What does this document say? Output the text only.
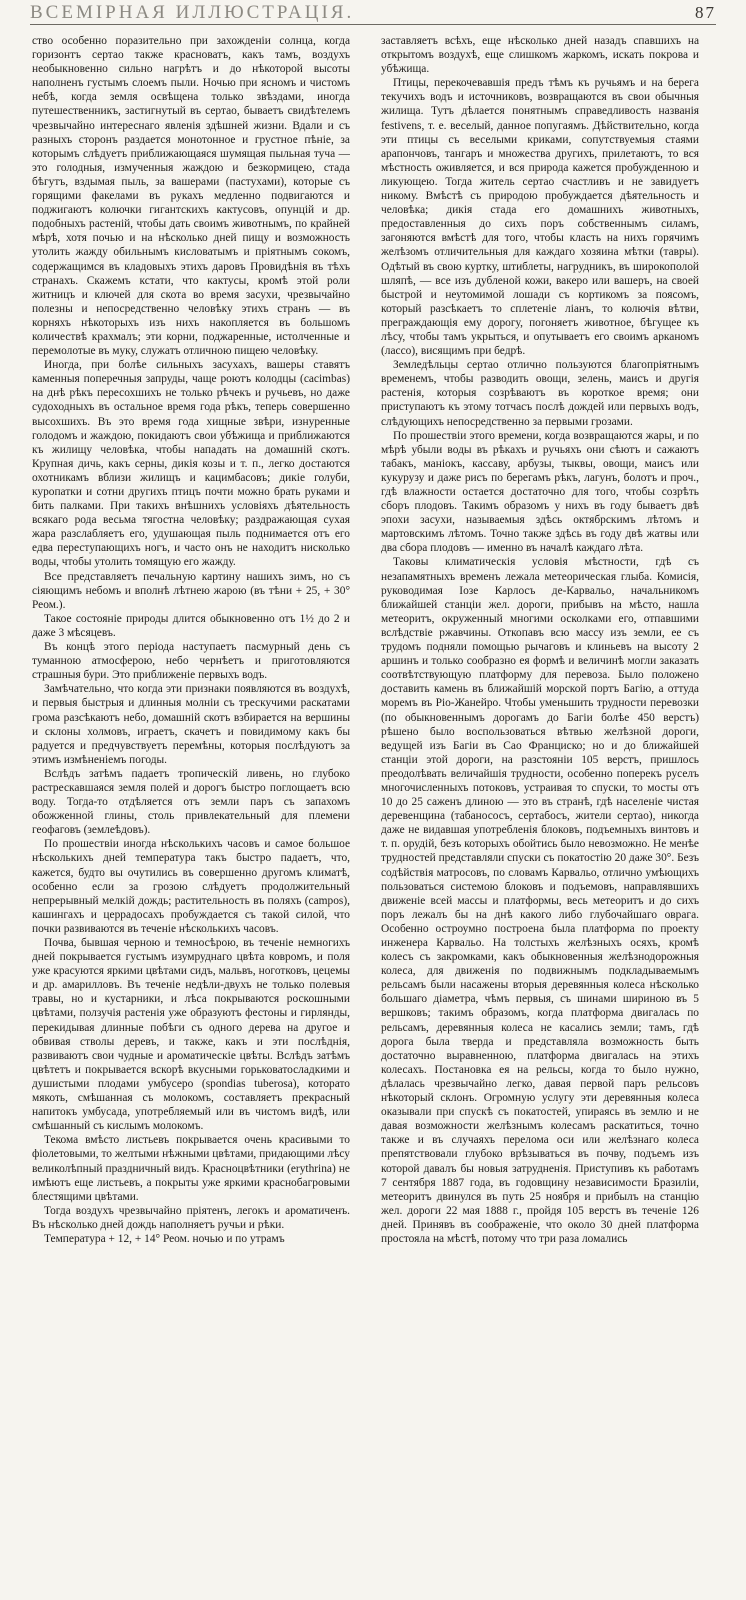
ВСЕМІРНАЯ ИЛЛЮСТРАЦІЯ.	87

ство особенно поразительно при захожденіи солнца, когда горизонтъ сертао также красноватъ, какъ тамъ, воздухъ необыкновенно сильно нагрѣтъ и до нѣкоторой высоты наполненъ густымъ слоемъ пыли. Ночью при ясномъ и чистомъ небѣ, когда земля освѣщена только звѣздами, иногда путешественникъ, застигнутый въ сертао, бываетъ свидѣтелемъ чрезвычайно интереснаго явленія здѣшней жизни. Вдали и съ разныхъ сторонъ раздается монотонное и грустное пѣніе, за которымъ слѣдуетъ приближающаяся шумящая пыльная туча — это голодныя, измученныя жаждою и безкормицею, стада бѣгутъ, вздымая пыль, за вашерами (пастухами), которые съ горящими факелами въ рукахъ медленно подвигаются и поджигаютъ колючки гигантскихъ кактусовъ, опунцій и др. подобныхъ растеній, чтобы дать своимъ животнымъ, по крайней мѣрѣ, хотя почью и на нѣсколько дней пищу и возможность утолить жажду обильнымъ кисловатымъ и пріятнымъ сокомъ, содержащимся въ кладовыхъ этихъ даровъ Провидѣнія въ тѣхъ странахъ. Скажемъ кстати, что кактусы, кромѣ этой роли житницъ и ключей для скота во время засухи, чрезвычайно полезны и непосредственно человѣку этихъ странъ — въ корняхъ нѣкоторыхъ изъ нихъ накопляется въ большомъ количествѣ крахмалъ; эти корни, поджаренные, истолченные и перемолотые въ муку, служатъ отличною пищею человѣку.

Иногда, при болѣе сильныхъ засухахъ, вашеры ставятъ каменныя поперечныя запруды, чаще роютъ колодцы (cacimbas) на днѣ рѣкъ пересохшихъ не только рѣчекъ и ручьевъ, но даже судоходныхъ въ остальное время года рѣкъ, теперь совершенно высохшихъ. Въ это время года хищные звѣри, изнуренные голодомъ и жаждою, покидаютъ свои убѣжища и приближаются къ жилищу человѣка, чтобы нападать на домашній скотъ. Крупная дичь, какъ серны, дикія козы и т. п., легко достаются охотникамъ вблизи жилищъ и кацимбасовъ; дикіе голуби, куропатки и сотни другихъ птицъ почти можно брать руками и бить палками. При такихъ внѣшнихъ условіяхъ дѣятельность всякаго рода весьма тягостна человѣку; раздражающая сухая жара разслабляетъ его, удушающая пыль поднимается отъ его едва переступающихъ ногъ, и часто онъ не находитъ нисколько воды, чтобы утолить томящую его жажду.

Все представляетъ печальную картину нашихъ зимъ, но съ сіяющимъ небомъ и вполнѣ лѣтнею жарою (въ тѣни + 25, + 30° Реом.).

Такое состояніе природы длится обыкновенно отъ 1½ до 2 и даже 3 мѣсяцевъ.

Въ концѣ этого періода наступаетъ пасмурный день съ туманною атмосферою, небо чернѣетъ и приготовляются страшныя бури. Это приближеніе первыхъ водъ.

Замѣчательно, что когда эти признаки появляются въ воздухѣ, и первыя быстрыя и длинныя молніи съ трескучими раскатами грома разсѣкаютъ небо, домашній скотъ взбирается на вершины и склоны холмовъ, играетъ, скачетъ и повидимому какъ бы радуется и предчувствуетъ перемѣны, которыя послѣдуютъ за этимъ измѣненіемъ погоды.

Вслѣдъ затѣмъ падаетъ тропическій ливень, но глубоко растрескавшаяся земля полей и дорогъ быстро поглощаетъ всю воду. Тогда-то отдѣляется отъ земли паръ съ запахомъ обожженной глины, столь привлекательный для племени геофаговъ (землеѣдовъ).

По прошествіи иногда нѣсколькихъ часовъ и самое большое нѣсколькихъ дней температура такъ быстро падаетъ, что, кажется, будто вы очутились въ совершенно другомъ климатѣ, особенно если за грозою слѣдуетъ продолжительный непрерывный мелкій дождь; растительность въ поляхъ (campos), кашингахъ и церрадосахъ пробуждается съ такой силой, что почки развиваются въ теченіе нѣсколькихъ часовъ.

Почва, бывшая черною и темносѣрою, въ теченіе немногихъ дней покрывается густымъ изумруднаго цвѣта ковромъ, и поля уже красуются яркими цвѣтами сидъ, мальвъ, ноготковъ, цецемы и др. амарилловъ. Въ теченіе недѣли-двухъ не только полевыя травы, но и кустарники, и лѣса покрываются роскошными цвѣтами, ползучія растенія уже образуютъ фестоны и гирлянды, перекидывая длинные побѣги съ одного дерева на другое и обвивая стволы деревъ, и также, какъ и эти послѣднія, развиваютъ свои чудные и ароматическіе цвѣты. Вслѣдъ затѣмъ цвѣтетъ и покрывается вскорѣ вкусными горьковатосладкими и душистыми плодами умбусеро (spondias tuberosa), которато мякоть, смѣшанная съ молокомъ, составляетъ прекрасный напитокъ умбусада, употребляемый или въ чистомъ видѣ, или смѣшанный съ кислымъ молокомъ.

Текома вмѣсто листьевъ покрывается очень красивыми то фіолетовыми, то желтыми нѣжными цвѣтами, придающими лѣсу великолѣпный праздничный видъ. Красноцвѣтники (erythrina) не имѣютъ еще листьевъ, а покрыты уже яркими краснобагровыми блестящими цвѣтами.

Тогда воздухъ чрезвычайно пріятенъ, легокъ и ароматиченъ. Въ нѣсколько дней дождь наполняетъ ручьи и рѣки.

Температура + 12, + 14° Реом. ночью и по утрамъ

заставляетъ всѣхъ, еще нѣсколько дней назадъ спавшихъ на открытомъ воздухѣ, еще слишкомъ жаркомъ, искать покрова и убѣжища.

Птицы, перекочевавшія предъ тѣмъ къ ручьямъ и на берега текучихъ водъ и источниковъ, возвращаются въ свои обычныя жилища. Тутъ дѣлается понятнымъ справедливость названія festivens, т. е. веселый, данное попугаямъ. Дѣйствительно, когда эти птицы съ веселыми криками, сопутствуемыя стаями арапончовъ, тангаръ и множества другихъ, прилетаютъ, то вся мѣстность оживляется, и вся природа кажется пробужденною и ликующею. Тогда житель сертао счастливъ и не завидуетъ никому. Вмѣстѣ съ природою пробуждается дѣятельность и человѣка; дикія стада его домашнихъ животныхъ, предоставленныя до сихъ поръ собственнымъ силамъ, загоняются вмѣстѣ для того, чтобы класть на нихъ горячимъ желѣзомъ отличительныя для каждаго хозяина мѣтки (тавры). Одѣтый въ свою куртку, штиблеты, нагрудникъ, въ широкополой шляпѣ, — все изъ дубленой кожи, вакеро или вашеръ, на своей быстрой и неутомимой лошади съ кортикомъ за поясомъ, который разсѣкаетъ то сплетеніе ліанъ, то колючія вѣтви, преграждающія ему дорогу, погоняетъ животное, бѣгущее къ лѣсу, чтобы тамъ укрыться, и опутываетъ его своимъ арканомъ (лассо), висящимъ при бедрѣ.

Земледѣльцы сертао отлично пользуются благопріятнымъ временемъ, чтобы разводить овощи, зелень, маисъ и другія растенія, которыя созрѣваютъ въ короткое время; они приступаютъ къ этому тотчасъ послѣ дождей или первыхъ водъ, слѣдующихъ непосредственно за первыми грозами.

По прошествіи этого времени, когда возвращаются жары, и по мѣрѣ убыли воды въ рѣкахъ и ручьяхъ они сѣютъ и сажаютъ табакъ, маніокъ, кассаву, арбузы, тыквы, овощи, маисъ или кукурузу и даже рисъ по берегамъ рѣкъ, лагунъ, болотъ и проч., гдѣ влажности остается достаточно для того, чтобы созрѣть сборъ плодовъ. Такимъ образомъ у нихъ въ году бываетъ двѣ эпохи засухи, называемыя здѣсь октябрскимъ лѣтомъ и мартовскимъ лѣтомъ. Точно также здѣсь въ году двѣ жатвы или два сбора плодовъ — именно въ началѣ каждаго лѣта.

Таковы климатическія условія мѣстности, гдѣ съ незапамятныхъ временъ лежала метеорическая глыба. Комисія, руководимая Іозе Карлосъ де-Карвальо, начальникомъ ближайшей станціи жел. дороги, прибывъ на мѣсто, нашла метеоритъ, окруженный многими осколками его, отпавшими вслѣдствіе ржавчины. Откопавъ всю массу изъ земли, ее съ трудомъ подняли помощью рычаговъ и клиньевъ на высоту 2 аршинъ и только сообразно ея формѣ и величинѣ могли заказать соотвѣтствующую платформу для перевоза. Было положено доставить камень въ ближайшій морской портъ Багію, а оттуда моремъ въ Ріо-Жанейро. Чтобы уменьшить трудности перевозки (по обыкновеннымъ дорогамъ до Багіи болѣе 450 верстъ) рѣшено было воспользоваться вѣтвью желѣзной дороги, ведущей изъ Багіи въ Сао Франциско; но и до ближайшей станціи этой дороги, на разстояніи 105 верстъ, пришлось преодолѣвать величайшія трудности, особенно поперекъ руселъ многочисленныхъ потоковъ, устраивая то спуски, то мосты отъ 10 до 25 саженъ длиною — это въ странѣ, гдѣ населеніе чистая деревенщина (табанососъ, сертабосъ, жители сертао), никогда даже не видавшая употребленія блоковъ, подъемныхъ винтовъ и т. п. орудій, безъ которыхъ обойтись было невозможно. Не менѣе трудностей представляли спуски съ покатостію 20 даже 30°. Безъ содѣйствія матросовъ, по словамъ Карвальо, отлично умѣющихъ пользоваться системою блоковъ и подъемовъ, направлявшихъ движеніе всей массы и платформы, весь метеоритъ и до сихъ поръ лежалъ бы на днѣ какого либо глубочайшаго оврага. Особенно остроумно построена была платформа по проекту инженера Карвальо. На толстыхъ желѣзныхъ осяхъ, кромѣ колесъ съ закромками, какъ обыкновенныя желѣзнодорожныя колеса, для движенія по подвижнымъ подкладываемымъ рельсамъ были насажены вторыя деревянныя колеса нѣсколько большаго діаметра, чѣмъ первыя, съ шинами шириною въ 5 вершковъ; такимъ образомъ, когда платформа двигалась по рельсамъ, деревянныя колеса не касались земли; тамъ, гдѣ дорога была тверда и представляла возможность быть достаточно выравненною, платформа двигалась на этихъ колесахъ. Постановка ея на рельсы, когда то было нужно, дѣлалась чрезвычайно легко, давая первой паръ рельсовъ нѣкоторый склонъ. Огромную услугу эти деревянныя колеса оказывали при спускѣ съ покатостей, упираясь въ землю и не давая возможности желѣзнымъ колесамъ раскатиться, точно также и въ случаяхъ перелома оси или желѣзнаго колеса препятствовали глубоко врѣзываться въ почву, подъемъ изъ которой давалъ бы новыя затрудненія. Приступивъ къ работамъ 7 сентября 1887 года, въ годовщину независимости Бразиліи, метеоритъ двинулся въ путь 25 ноября и прибылъ на станцію жел. дороги 22 мая 1888 г., пройдя 105 верстъ въ теченіе 126 дней. Принявъ въ соображеніе, что около 30 дней платформа простояла на мѣстѣ, потому что три раза ломались
